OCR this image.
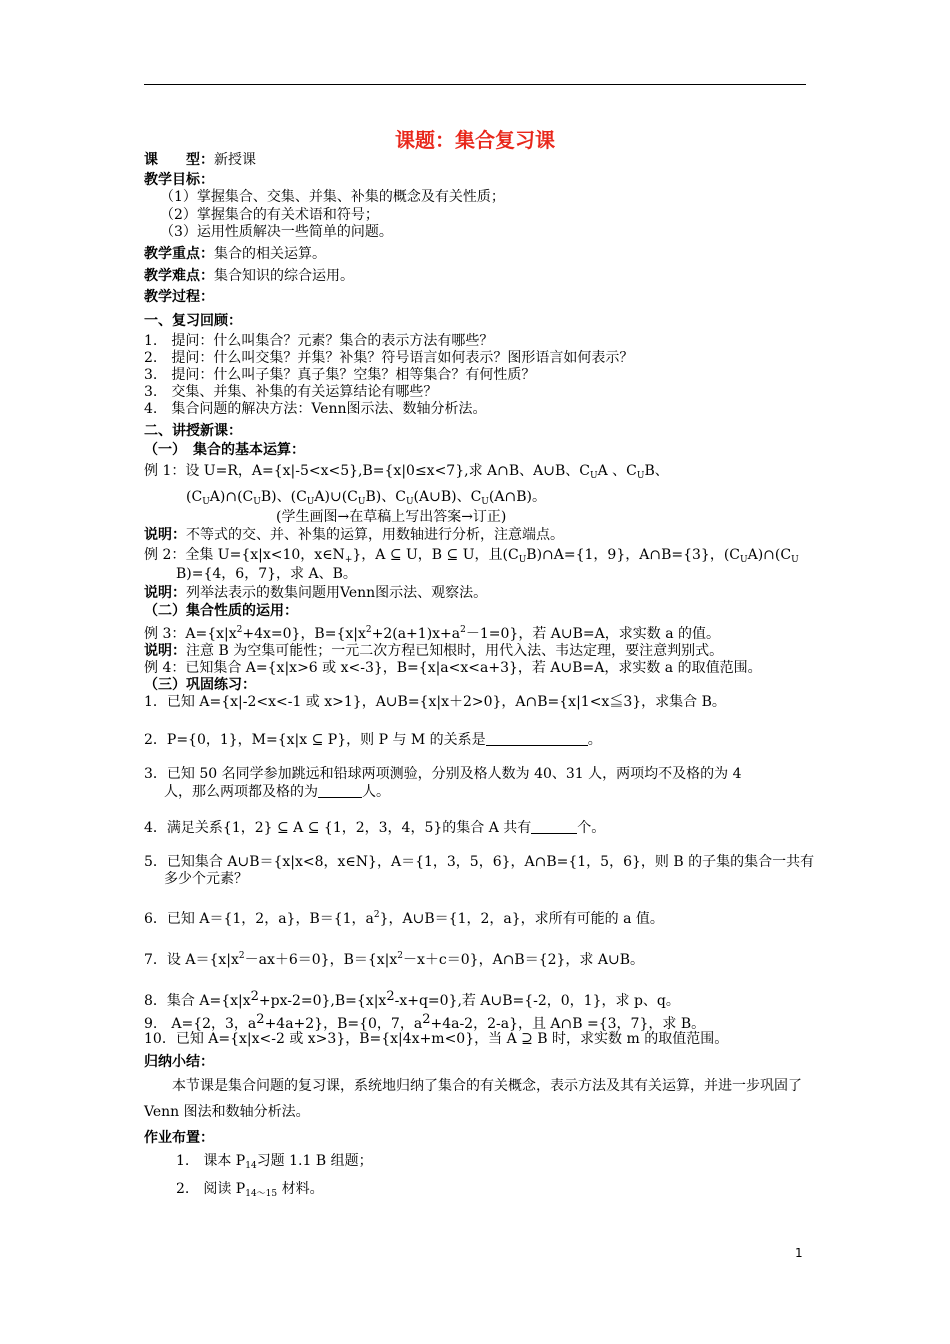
课题：集合复习课
课　　型：新授课
教学目标：
（1）掌握集合、交集、并集、补集的概念及有关性质；
（2）掌握集合的有关术语和符号；
（3）运用性质解决一些简单的问题。
教学重点：集合的相关运算。
教学难点：集合知识的综合运用。
教学过程：
一、复习回顾：
1.　提问：什么叫集合？元素？集合的表示方法有哪些？
2.　提问：什么叫交集？并集？补集？符号语言如何表示？图形语言如何表示？
3.　提问：什么叫子集？真子集？空集？相等集合？有何性质？
3.　交集、并集、补集的有关运算结论有哪些？
4.　集合问题的解决方法：Venn图示法、数轴分析法。
二、讲授新课：
（一）　集合的基本运算：
例 1：设 U=R，A={x|-5<x<5},B={x|0≤x<7},求 A∩B、A∪B、$C_UA$ 、$C_UB$、
$(C_UA)\cap(C_UB)$、$(C_UA)\cup(C_UB)$、$C_U(A\cup B)$、$C_U(A\cap B)$。
(学生画图→在草稿上写出答案→订正)
说明：不等式的交、并、补集的运算，用数轴进行分析，注意端点。
例 2：全集 U={x|x<10，$x\in N_+$}，A ⊆ U，B ⊆ U，且$(C_UB)\cap A=\{1$，9}，A∩B={3}，$(C_UA)\cap(C_U$
B)={4，6，7}，求 A、B。
说明：列举法表示的数集问题用Venn图示法、观察法。
（二）集合性质的运用：
例 3：$A=\{x|x^2+4x=0\}$，$B=\{x|x^2+2(a+1)x+a^2-1=0\}$，若 A∪B=A，求实数 a 的值。
说明：注意 B 为空集可能性；一元二次方程已知根时，用代入法、韦达定理，要注意判别式。
例 4：已知集合 A={x|x>6 或 x<-3}，B={x|a<x<a+3}，若 A∪B=A，求实数 a 的取值范围。
（三）巩固练习：
1．已知 A={x|-2<x<-1 或 x>1}，A∪B={x|x＋2>0}，A∩B={x|1<x≦3}，求集合 B。
2．P={0，1}，M={x|x ⊆ P}，则 P 与 M 的关系是	。
3．已知 50 名同学参加跳远和铅球两项测验，分别及格人数为 40、31 人，两项均不及格的为 4
人，那么两项都及格的为	人。
4．满足关系{1，2} ⊆ A ⊆ {1，2，3，4，5}的集合 A 共有	个。
5．已知集合 A∪B＝{x|x<8，x∈N}，A＝{1，3，5，6}，A∩B={1，5，6}，则 B 的子集的集合一共有
多少个元素？
6．已知 A＝{1，2，a}，B＝{1，$a^2$}，A∪B＝{1，2，a}，求所有可能的 a 值。
7．设 $A=\{x|x^2-ax+6=0\}$，$B=\{x|x^2-x+c=0\}$，A∩B＝{2}，求 A∪B。
8．集合 A={x|x2+px-2=0},B={x|x2-x+q=0},若 A∪B={-2，0，1}，求 p、q。
9.　A={2，3，a2+4a+2}，B={0，7，a2+4a-2，2-a}，且 A∩B ={3，7}，求 B。
10．已知 A={x|x<-2 或 x>3}，B={x|4x+m<0}，当 A ⊇ B 时，求实数 m 的取值范围。
归纳小结：
　　本节课是集合问题的复习课，系统地归纳了集合的有关概念，表示方法及其有关运算，并进一步巩固了 Venn 图法和数轴分析法。
作业布置：
1.　课本 $P_{14}$习题 1.1 B 组题；
2.　阅读 $P_{14\sim 15}$ 材料。
1
